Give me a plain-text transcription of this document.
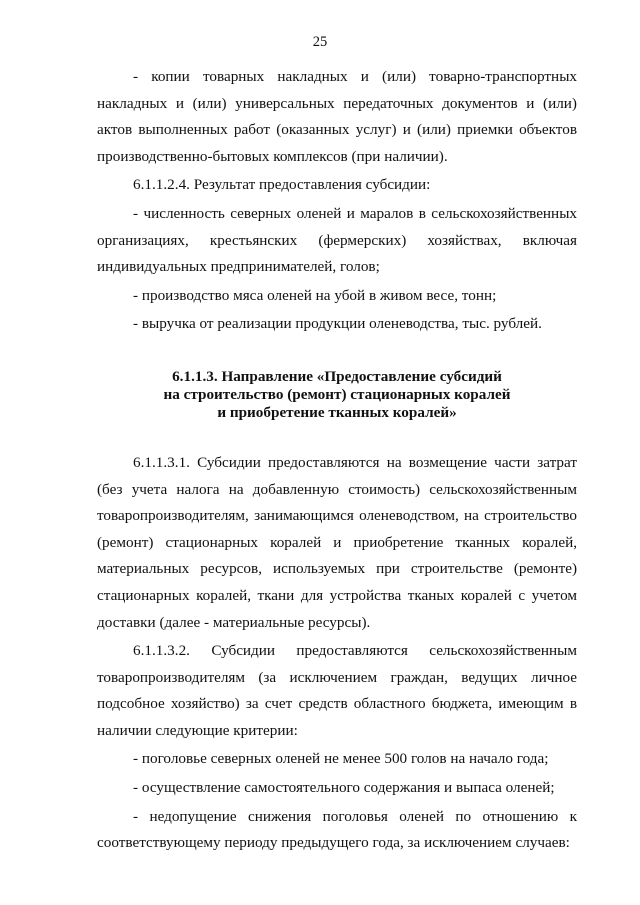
25

- копии товарных накладных и (или) товарно-транспортных накладных и (или) универсальных передаточных документов и (или) актов выполненных работ (оказанных услуг) и (или) приемки объектов производственно-бытовых комплексов (при наличии).

6.1.1.2.4. Результат предоставления субсидии:

- численность северных оленей и маралов в сельскохозяйственных организациях, крестьянских (фермерских) хозяйствах, включая индивидуальных предпринимателей, голов;

- производство мяса оленей на убой в живом весе, тонн;

- выручка от реализации продукции оленеводства, тыс. рублей.

6.1.1.3. Направление «Предоставление субсидий
на строительство (ремонт) стационарных коралей
и приобретение тканных коралей»

6.1.1.3.1. Субсидии предоставляются на возмещение части затрат (без учета налога на добавленную стоимость) сельскохозяйственным товаропроизводителям, занимающимся оленеводством, на строительство (ремонт) стационарных коралей и приобретение тканных коралей, материальных ресурсов, используемых при строительстве (ремонте) стационарных коралей, ткани для устройства тканых коралей с учетом доставки (далее - материальные ресурсы).

6.1.1.3.2. Субсидии предоставляются сельскохозяйственным товаропроизводителям (за исключением граждан, ведущих личное подсобное хозяйство) за счет средств областного бюджета, имеющим в наличии следующие критерии:

- поголовье северных оленей не менее 500 голов на начало года;

- осуществление самостоятельного содержания и выпаса оленей;

- недопущение снижения поголовья оленей по отношению к соответствующему периоду предыдущего года, за исключением случаев:
